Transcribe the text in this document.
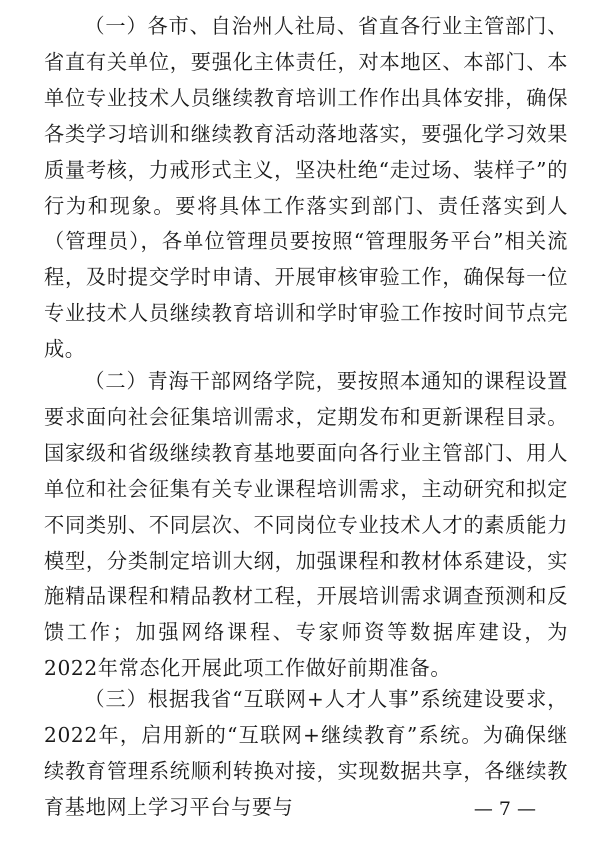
（一）各市、自治州人社局、省直各行业主管部门、省直有关单位，要强化主体责任，对本地区、本部门、本单位专业技术人员继续教育培训工作作出具体安排，确保各类学习培训和继续教育活动落地落实，要强化学习效果质量考核，力戒形式主义，坚决杜绝“走过场、装样子”的行为和现象。要将具体工作落实到部门、责任落实到人（管理员），各单位管理员要按照“管理服务平台”相关流程，及时提交学时申请、开展审核审验工作，确保每一位专业技术人员继续教育培训和学时审验工作按时间节点完成。

（二）青海干部网络学院，要按照本通知的课程设置要求面向社会征集培训需求，定期发布和更新课程目录。国家级和省级继续教育基地要面向各行业主管部门、用人单位和社会征集有关专业课程培训需求，主动研究和拟定不同类别、不同层次、不同岗位专业技术人才的素质能力模型，分类制定培训大纲，加强课程和教材体系建设，实施精品课程和精品教材工程，开展培训需求调查预测和反馈工作；加强网络课程、专家师资等数据库建设，为2022年常态化开展此项工作做好前期准备。

（三）根据我省“互联网+人才人事”系统建设要求，2022年，启用新的“互联网+继续教育”系统。为确保继续教育管理系统顺利转换对接，实现数据共享，各继续教育基地网上学习平台与要与	— 7 —
